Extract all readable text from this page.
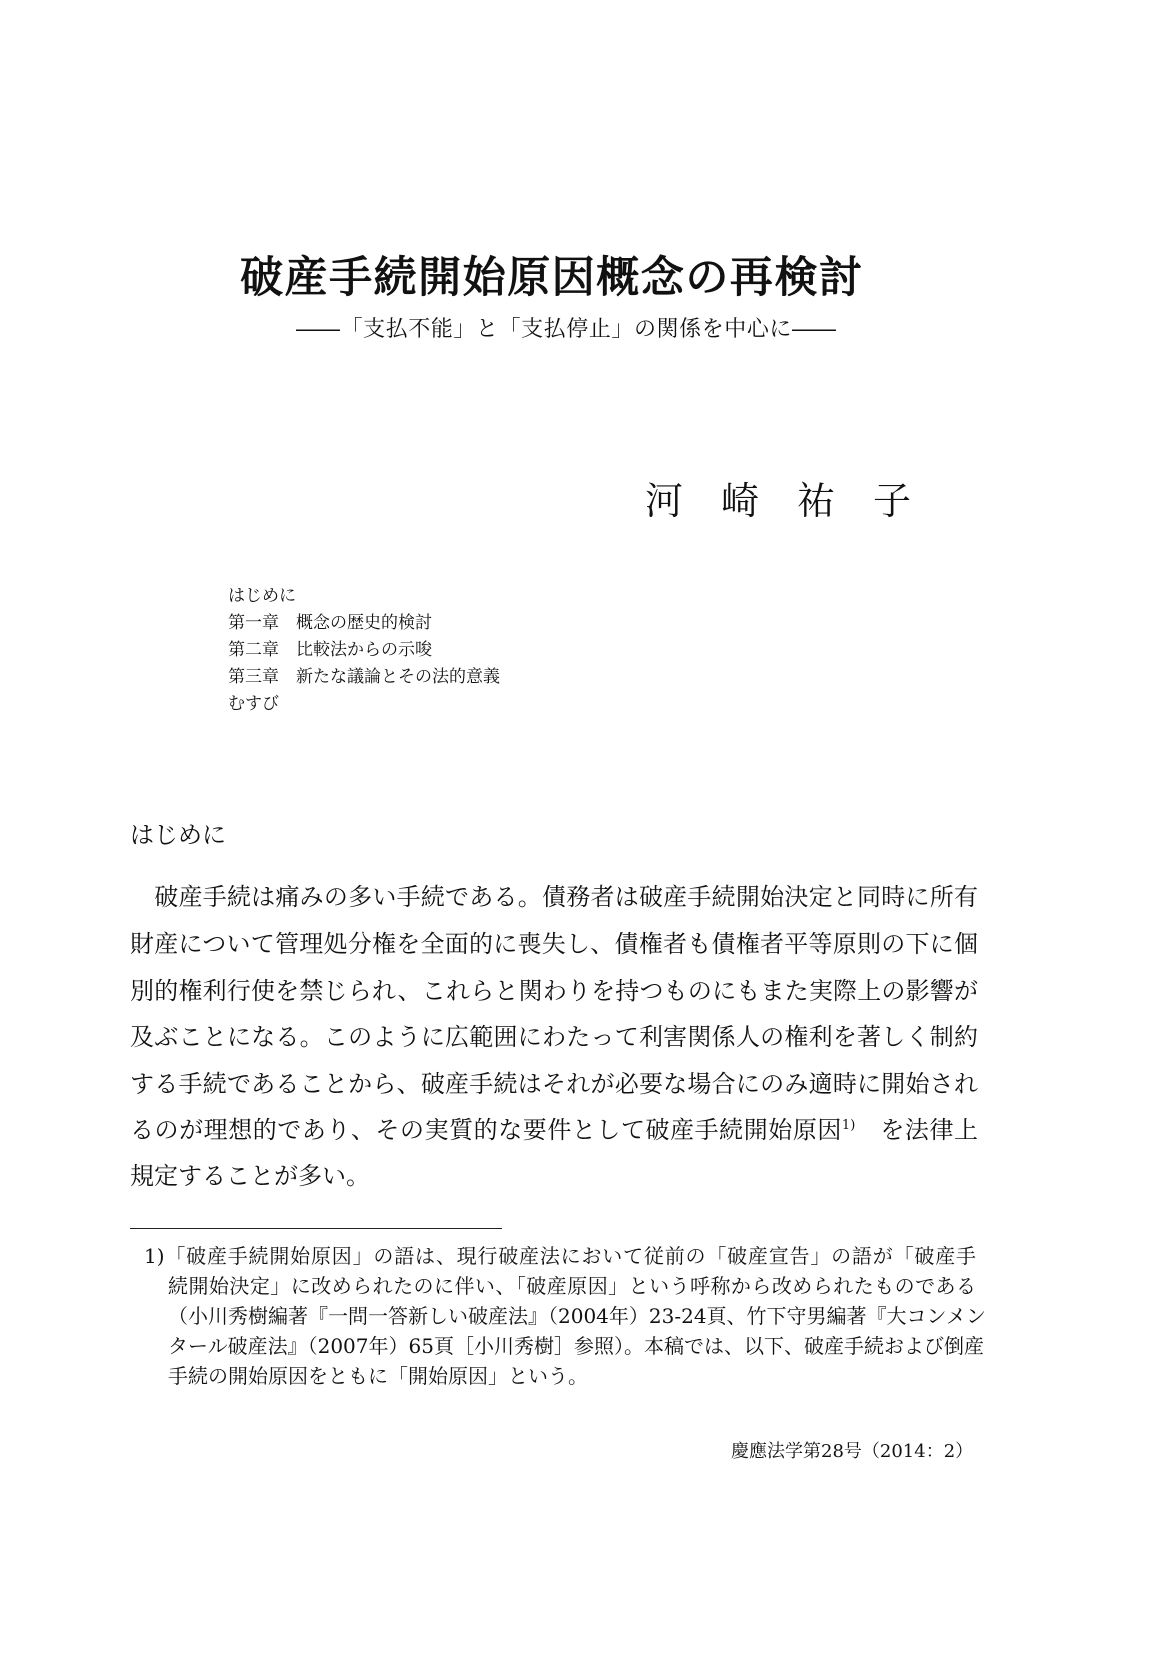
破産手続開始原因概念の再検討
――「支払不能」と「支払停止」の関係を中心に――
河　崎　祐　子
はじめに
第一章　概念の歴史的検討
第二章　比較法からの示唆
第三章　新たな議論とその法的意義
むすび
はじめに
　破産手続は痛みの多い手続である。債務者は破産手続開始決定と同時に所有
財産について管理処分権を全面的に喪失し、債権者も債権者平等原則の下に個
別的権利行使を禁じられ、これらと関わりを持つものにもまた実際上の影響が
及ぶことになる。このように広範囲にわたって利害関係人の権利を著しく制約
する手続であることから、破産手続はそれが必要な場合にのみ適時に開始され
るのが理想的であり、その実質的な要件として破産手続開始原因$^{1)}$　 を法律上
規定することが多い。
1)「破産手続開始原因」の語は、現行破産法において従前の「破産宣告」の語が「破産手
続開始決定」に改められたのに伴い、「破産原因」という呼称から改められたものである
（小川秀樹編著『一問一答新しい破産法』（2004年）23-24頁、竹下守男編著『大コンメン
タール破産法』（2007年）65頁［小川秀樹］参照）。本稿では、以下、破産手続および倒産
手続の開始原因をともに「開始原因」という。
慶應法学第28号（2014：2）
